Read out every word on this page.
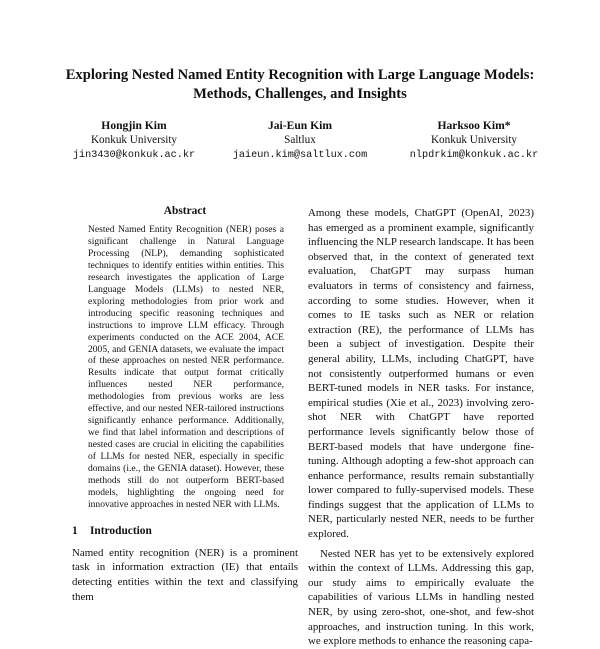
Exploring Nested Named Entity Recognition with Large Language Models:
Methods, Challenges, and Insights
Hongjin Kim
Konkuk University
jin3430@konkuk.ac.kr
Jai-Eun Kim
Saltlux
jaieun.kim@saltlux.com
Harksoo Kim*
Konkuk University
nlpdrkim@konkuk.ac.kr
Abstract
Nested Named Entity Recognition (NER) poses a significant challenge in Natural Language Processing (NLP), demanding sophisticated techniques to identify entities within entities. This research investigates the application of Large Language Models (LLMs) to nested NER, exploring methodologies from prior work and introducing specific reasoning techniques and instructions to improve LLM efficacy. Through experiments conducted on the ACE 2004, ACE 2005, and GENIA datasets, we evaluate the impact of these approaches on nested NER performance. Results indicate that output format critically influences nested NER performance, methodologies from previous works are less effective, and our nested NER-tailored instructions significantly enhance performance. Additionally, we find that label information and descriptions of nested cases are crucial in eliciting the capabilities of LLMs for nested NER, especially in specific domains (i.e., the GENIA dataset). However, these methods still do not outperform BERT-based models, highlighting the ongoing need for innovative approaches in nested NER with LLMs.
1 Introduction

Named entity recognition (NER) is a prominent task in information extraction (IE) that entails detecting entities within the text and classifying them

Among these models, ChatGPT (OpenAI, 2023) has emerged as a prominent example, significantly influencing the NLP research landscape. It has been observed that, in the context of generated text evaluation, ChatGPT may surpass human evaluators in terms of consistency and fairness, according to some studies. However, when it comes to IE tasks such as NER or relation extraction (RE), the performance of LLMs has been a subject of investigation. Despite their general ability, LLMs, including ChatGPT, have not consistently outperformed humans or even BERT-tuned models in NER tasks. For instance, empirical studies (Xie et al., 2023) involving zero-shot NER with ChatGPT have reported performance levels significantly below those of BERT-based models that have undergone fine-tuning. Although adopting a few-shot approach can enhance performance, results remain substantially lower compared to fully-supervised models. These findings suggest that the application of LLMs to NER, particularly nested NER, needs to be further explored.

Nested NER has yet to be extensively explored within the context of LLMs. Addressing this gap, our study aims to empirically evaluate the capabilities of various LLMs in handling nested NER, by using zero-shot, one-shot, and few-shot approaches, and instruction tuning. In this work, we explore methods to enhance the reasoning capa-
